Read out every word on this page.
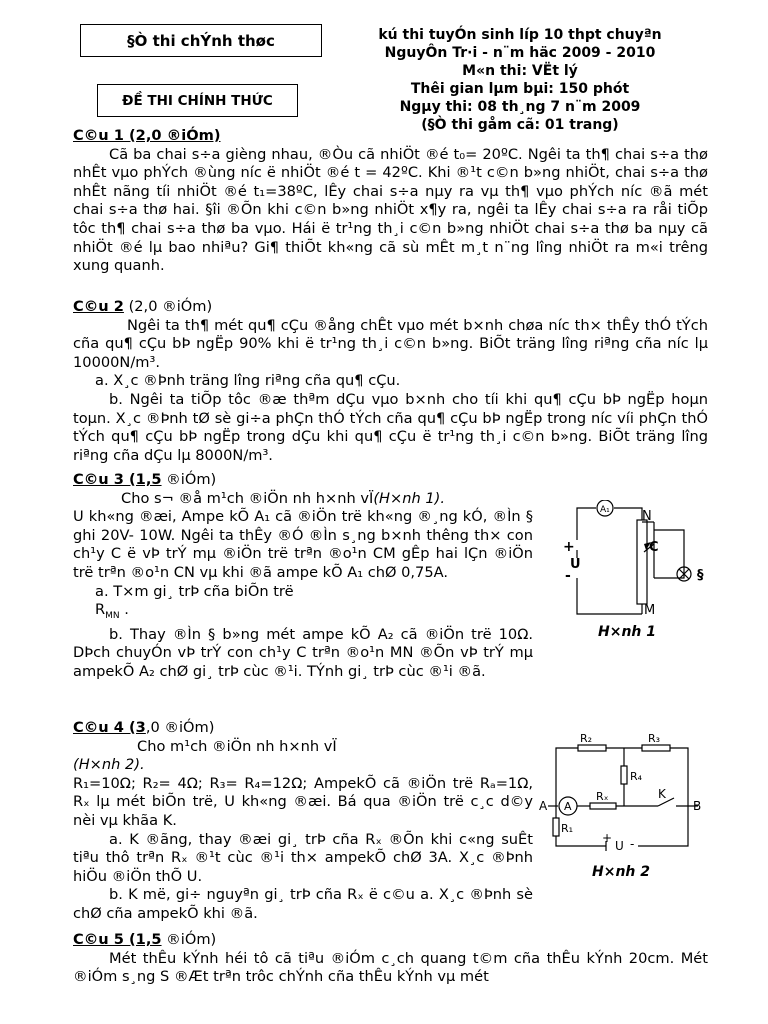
§Ò thi chÝnh thøc
ĐỀ THI CHÍNH THỨC
kú thi tuyÓn sinh líp 10 thpt chuyªn
NguyÔn Tr·i - n¨m häc 2009 - 2010
M«n thi: VËt lý
Thêi gian lµm bµi: 150 phót
Ngµy thi: 08 th¸ng 7 n¨m 2009
(§Ò thi gåm cã: 01 trang)
C©u 1 (2,0 ®iÓm)

Cã ba chai s÷a gièng nhau, ®Òu cã nhiÖt ®é t₀= 20ºC. Ngêi ta th¶ chai s÷a thø nhÊt vµo phÝch ®ùng níc ë nhiÖt ®é t = 42ºC. Khi ®¹t c©n b»ng nhiÖt, chai s÷a thø nhÊt nãng tíi nhiÖt ®é t₁=38ºC, lÊy chai s÷a nµy ra vµ th¶ vµo phÝch níc ®ã mét chai s÷a thø hai. §îi ®Õn khi c©n b»ng nhiÖt x¶y ra, ngêi ta lÊy chai s÷a ra råi tiÕp tôc th¶ chai s÷a thø ba vµo. Hái ë tr¹ng th¸i c©n b»ng nhiÖt chai s÷a thø ba nµy cã nhiÖt ®é lµ bao nhiªu? Gi¶ thiÕt kh«ng cã sù mÊt m¸t n¨ng lîng nhiÖt ra m«i trêng xung quanh.

C©u 2 (2,0 ®iÓm)

Ngêi ta th¶ mét qu¶ cÇu ®ång chÊt vµo mét b×nh chøa níc th× thÊy thÓ tÝch cña qu¶ cÇu bÞ ngËp 90% khi ë tr¹ng th¸i c©n b»ng. BiÕt träng lîng riªng cña níc lµ 10000N/m³.

a. X¸c ®Þnh träng lîng riªng cña qu¶ cÇu.

b. Ngêi ta tiÕp tôc ®æ thªm dÇu vµo b×nh cho tíi khi qu¶ cÇu bÞ ngËp hoµn toµn. X¸c ®Þnh tØ sè gi÷a phÇn thÓ tÝch cña qu¶ cÇu bÞ ngËp trong níc víi phÇn thÓ tÝch qu¶ cÇu bÞ ngËp trong dÇu khi qu¶ cÇu ë tr¹ng th¸i c©n b»ng. BiÕt träng lîng riªng cña dÇu lµ 8000N/m³.

C©u 3 (1,5 ®iÓm)

Cho s¬ ®å m¹ch ®iÖn nh h×nh vÏ(H×nh 1).

U kh«ng ®æi, Ampe kÕ A₁ cã ®iÖn trë kh«ng ®¸ng kÓ, ®Ìn § ghi 20V- 10W. Ngêi ta thÊy ®Ó ®Ìn s¸ng b×nh thêng th× con ch¹y C ë vÞ trÝ mµ ®iÖn trë trªn ®o¹n CM gÊp hai lÇn ®iÖn trë trªn ®o¹n CN vµ khi ®ã ampe kÕ A₁ chØ 0,75A.

a. T×m gi¸ trÞ cña biÕn trë

$R_{MN}$ .

b. Thay ®Ìn § b»ng mét ampe kÕ A₂ cã ®iÖn trë 10Ω. DÞch chuyÓn vÞ trÝ con ch¹y C trªn ®o¹n MN ®Õn vÞ trÝ mµ ampekÕ A₂ chØ gi¸ trÞ cùc ®¹i. TÝnh gi¸ trÞ cùc ®¹i ®ã.

C©u 4 (3,0 ®iÓm)

Cho m¹ch ®iÖn nh h×nh vÏ

(H×nh 2).

R₁=10Ω; R₂= 4Ω; R₃= R₄=12Ω; AmpekÕ cã ®iÖn trë Rₐ=1Ω, Rₓ lµ mét biÕn trë, U kh«ng ®æi. Bá qua ®iÖn trë c¸c d©y nèi vµ khãa K.

a. K ®ãng, thay ®æi gi¸ trÞ cña Rₓ ®Õn khi c«ng suÊt tiªu thô trªn Rₓ ®¹t cùc ®¹i th× ampekÕ chØ 3A. X¸c ®Þnh hiÖu ®iÖn thÕ U.

b. K më, gi÷ nguyªn gi¸ trÞ cña Rₓ ë c©u a. X¸c ®Þnh sè chØ cña ampekÕ khi ®ã.

C©u 5 (1,5 ®iÓm)

Mét thÊu kÝnh héi tô cã tiªu ®iÓm c¸ch quang t©m cña thÊu kÝnh 20cm. Mét ®iÓm s¸ng S ®Æt trªn trôc chÝnh cña thÊu kÝnh vµ mét

A₁ N
C
M
+
U
-	§
H×nh 1
R₂	R₃
R₄
Rₓ
R₁
A A
K
B
+
U -
H×nh 2
